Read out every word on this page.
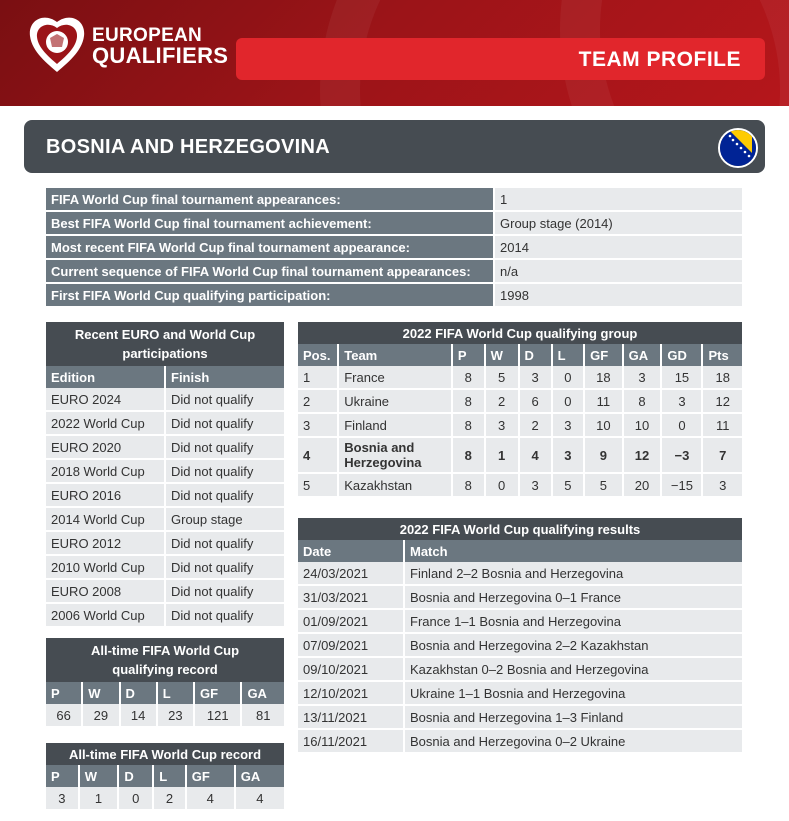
EUROPEAN
QUALIFIERS	TEAM PROFILE
BOSNIA AND HERZEGOVINA
FIFA World Cup final tournament appearances:	1
Best FIFA World Cup final tournament achievement:	Group stage (2014)
Most recent FIFA World Cup final tournament appearance:	2014
Current sequence of FIFA World Cup final tournament appearances:	n/a
First FIFA World Cup qualifying participation:	1998
Recent EURO and World Cup
participations	
Edition	Finish
EURO 2024	Did not qualify
2022 World Cup	Did not qualify
EURO 2020	Did not qualify
2018 World Cup	Did not qualify
EURO 2016	Did not qualify
2014 World Cup	Group stage
EURO 2012	Did not qualify
2010 World Cup	Did not qualify
EURO 2008	Did not qualify
2006 World Cup	Did not qualify
All-time FIFA World Cup
qualifying record					
P	W	D	L	GF	GA
66	29	14	23	121	81
All-time FIFA World Cup record					
P	W	D	L	GF	GA
3	1	0	2	4	4
2022 FIFA World Cup qualifying group									
Pos.	Team	P	W	D	L	GF	GA	GD	Pts
1	France	8	5	3	0	18	3	15	18
2	Ukraine	8	2	6	0	11	8	3	12
3	Finland	8	3	2	3	10	10	0	11
4	Bosnia and Herzegovina	8	1	4	3	9	12	−3	7
5	Kazakhstan	8	0	3	5	5	20	−15	3
2022 FIFA World Cup qualifying results	
Date	Match
24/03/2021	Finland 2–2 Bosnia and Herzegovina
31/03/2021	Bosnia and Herzegovina 0–1 France
01/09/2021	France 1–1 Bosnia and Herzegovina
07/09/2021	Bosnia and Herzegovina 2–2 Kazakhstan
09/10/2021	Kazakhstan 0–2 Bosnia and Herzegovina
12/10/2021	Ukraine 1–1 Bosnia and Herzegovina
13/11/2021	Bosnia and Herzegovina 1–3 Finland
16/11/2021	Bosnia and Herzegovina 0–2 Ukraine
